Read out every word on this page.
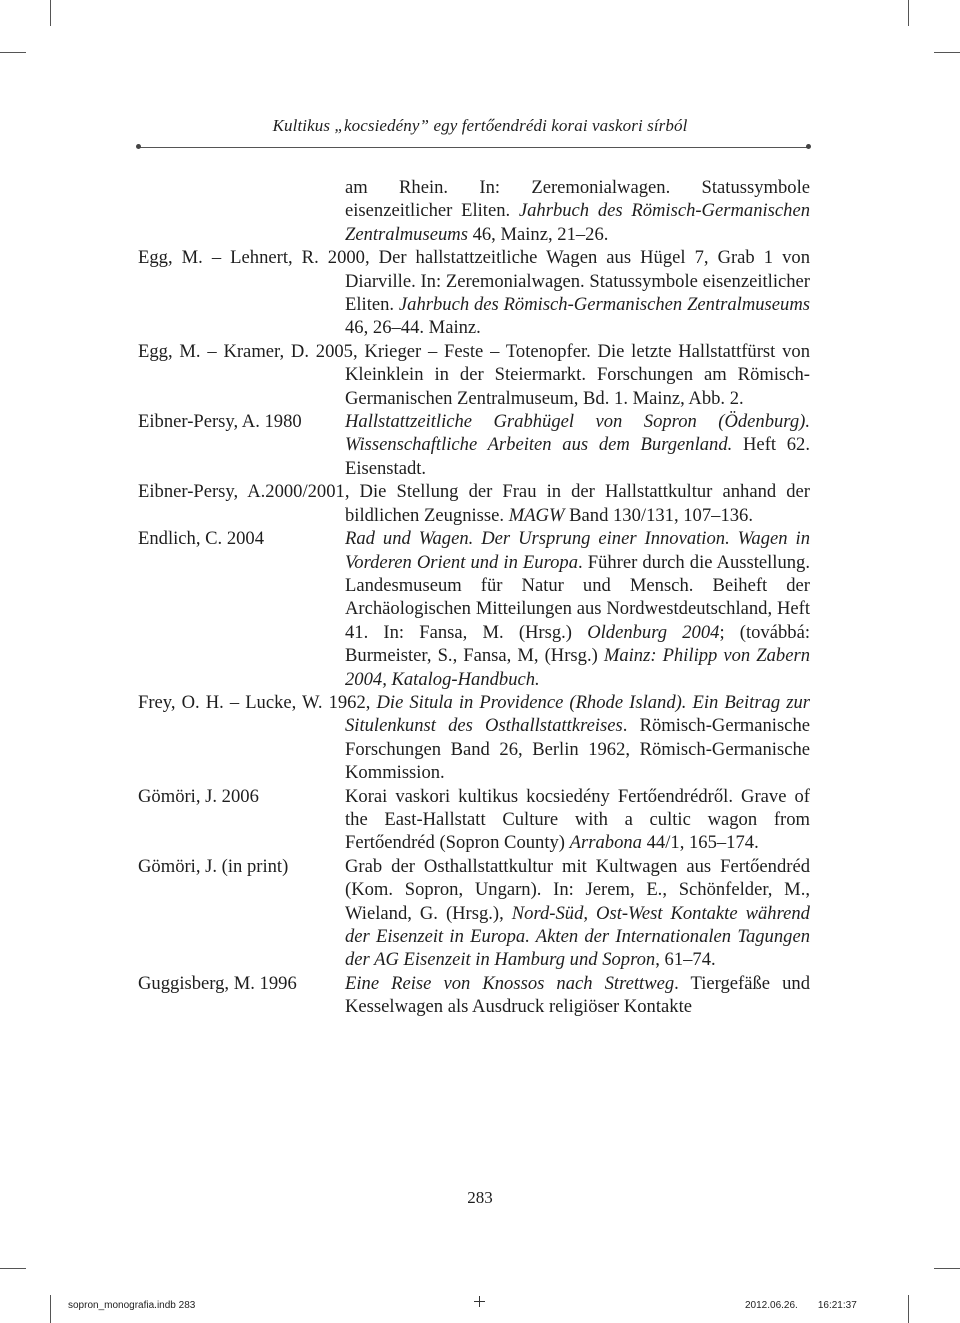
Kultikus „kocsiedény” egy fertőendrédi korai vaskori sírból
am Rhein. In: Zeremonialwagen. Statussymbole eisenzeitlicher Eliten. Jahrbuch des Römisch-Germanischen Zentralmuseums 46, Mainz, 21–26.
Egg, M. – Lehnert, R. 2000, Der hallstattzeitliche Wagen aus Hügel 7, Grab 1 von Diarville. In: Zeremonialwagen. Statussymbole eisenzeitlicher Eliten. Jahrbuch des Römisch-Germanischen Zentralmuseums 46, 26–44. Mainz.
Egg, M. – Kramer, D. 2005, Krieger – Feste – Totenopfer. Die letzte Hallstattfürst von Kleinklein in der Steiermarkt. Forschungen am Römisch-Germanischen Zentralmuseum, Bd. 1. Mainz, Abb. 2.
Eibner-Persy, A. 1980 Hallstattzeitliche Grabhügel von Sopron (Ödenburg). Wissenschaftliche Arbeiten aus dem Burgenland. Heft 62. Eisenstadt.
Eibner-Persy, A.2000/2001, Die Stellung der Frau in der Hallstattkultur anhand der bildlichen Zeugnisse. MAGW Band 130/131, 107–136.
Endlich, C. 2004	Rad und Wagen. Der Ursprung einer Innovation. Wagen in Vorderen Orient und in Europa. Führer durch die Ausstellung. Landesmuseum für Natur und Mensch. Beiheft der Archäologischen Mitteilungen aus Nordwestdeutschland, Heft 41. In: Fansa, M. (Hrsg.) Oldenburg 2004; (továbbá: Burmeister, S., Fansa, M, (Hrsg.) Mainz: Philipp von Zabern 2004, Katalog-Handbuch.
Frey, O. H. – Lucke, W. 1962, Die Situla in Providence (Rhode Island). Ein Beitrag zur Situlenkunst des Osthallstattkreises. Römisch-Germanische Forschungen Band 26, Berlin 1962, Römisch-Germanische Kommission.
Gömöri, J. 2006	Korai vaskori kultikus kocsiedény Fertőendrédről. Grave of the East-Hallstatt Culture with a cultic wagon from Fertőendréd (Sopron County) Arrabona 44/1, 165–174.
Gömöri, J. (in print)	Grab der Osthallstattkultur mit Kultwagen aus Fertőendréd (Kom. Sopron, Ungarn). In: Jerem, E., Schönfelder, M., Wieland, G. (Hrsg.), Nord-Süd, Ost-West Kontakte während der Eisenzeit in Europa. Akten der Internationalen Tagungen der AG Eisenzeit in Hamburg und Sopron, 61–74.
Guggisberg, M. 1996	Eine Reise von Knossos nach Strettweg. Tiergefäße und Kesselwagen als Ausdruck religiöser Kontakte
283
sopron_monografia.indb 283	2012.06.26. 16:21:37
